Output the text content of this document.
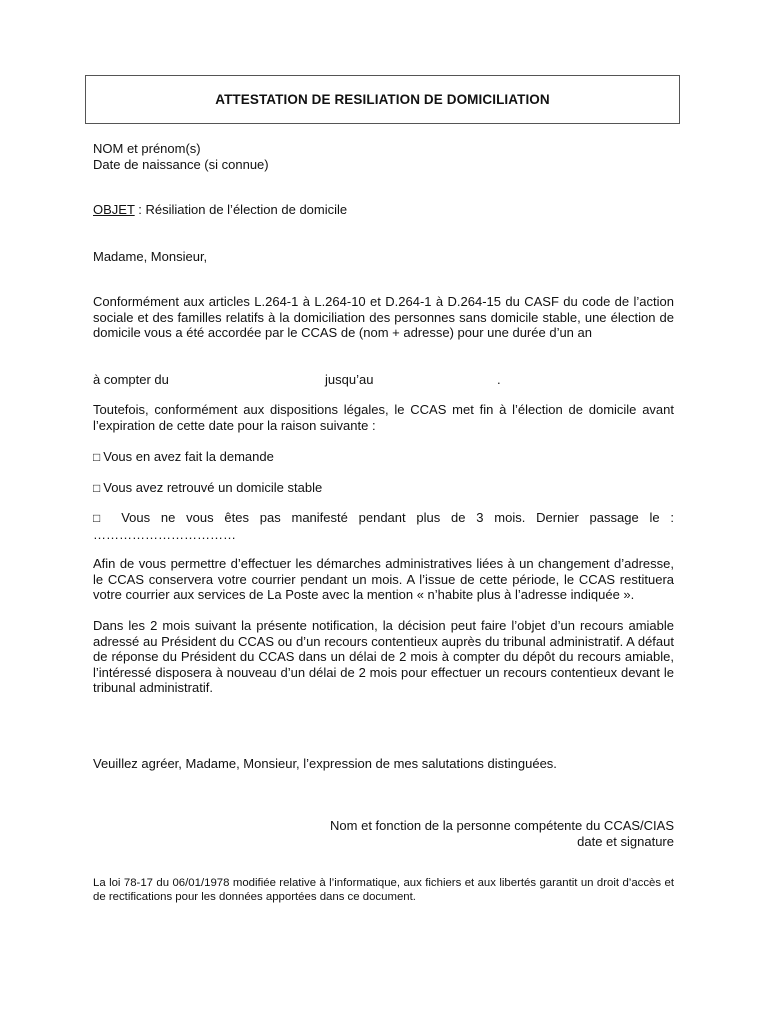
ATTESTATION DE RESILIATION DE DOMICILIATION
NOM et prénom(s)
Date de naissance (si connue)
OBJET : Résiliation de l’élection de domicile
Madame, Monsieur,
Conformément aux articles L.264-1 à L.264-10 et D.264-1 à D.264-15 du CASF du code de l’action sociale et des familles relatifs à la domiciliation des personnes sans domicile stable, une élection de domicile vous a été accordée par le CCAS de (nom + adresse) pour une durée d’un an
à compter du	jusqu’au	.
Toutefois, conformément aux dispositions légales, le CCAS met fin à l’élection de domicile avant l’expiration de cette date pour la raison suivante :
□ Vous en avez fait la demande
□ Vous avez retrouvé un domicile stable
□ Vous ne vous êtes pas manifesté pendant plus de 3 mois. Dernier passage le :
……………………………
Afin de vous permettre d’effectuer les démarches administratives liées à un changement d’adresse, le CCAS conservera votre courrier pendant un mois. A l’issue de cette période, le CCAS restituera votre courrier aux services de La Poste avec la mention « n’habite plus à l’adresse indiquée ».
Dans les 2 mois suivant la présente notification, la décision peut faire l’objet d’un recours amiable adressé au Président du CCAS ou d’un recours contentieux auprès du tribunal administratif. A défaut de réponse du Président du CCAS dans un délai de 2 mois à compter du dépôt du recours amiable, l’intéressé disposera à nouveau d’un délai de 2 mois pour effectuer un recours contentieux devant le tribunal administratif.
Veuillez agréer, Madame, Monsieur, l’expression de mes salutations distinguées.
Nom et fonction de la personne compétente du CCAS/CIAS
date et signature
La loi 78-17 du 06/01/1978 modifiée relative à l’informatique, aux fichiers et aux libertés garantit un droit d’accès et de rectifications pour les données apportées dans ce document.
